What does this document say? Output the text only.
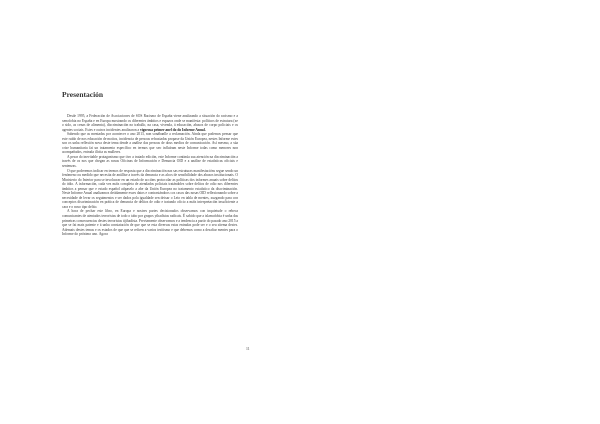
Presentación

Desde 1995, a Federación de Asociaciones de SOS Racismo de España viene analizando a situación do racismo e a xenofobia no España e en Europa mostrando os diferentes ámbitos e espazos onde se manifesta: políticos de estrutura (xe o sido, as cenas de alimenta), discriminación no traballo, na casa, vivenda, á educación, abusos de corpo policiais e os agentes sociais. Estes e outros incidentes analizaron a vigorosa primer anel do do Informe Anual.

Sabendo que as mentadas por acontecer o ano 2013, non sonábanlle a reclamación. Aínda que podemos pensar que este ruído de nos educación de moitos, incidencia de persoas refraxiadas propaxe da Unión Europea, nestes Informe estes son os unha reflexión nova deste tema dende a análise das persoas de dous medios de comunicación. Así mesmo, a súa crise humanitaria fai un tratamento específico en termos que xeo influíram neste Informe todas como menores non acompañados, entrada ilícita as mulleres.

A pesar do inevitable protagonismo que tivo a tratado edición, este Informe continúa sua atención na discriminación a través de os nos que chegan as nosas Oficinas de Información e Denuncia OID e a análise de estatísticas oficiais e sentenzas.

O que poderemos indicar en termos de resposta que a discriminación nas sas estruturas manifestacións segue sendo un fenómeno ou medido que necesita de anállise a través da denuncia e as alcos de sensibilidade dos abusos institucionais. O Ministerio do Interior para se involucrar en un estado de accións protocolar as políticas dos informes anuais sobre delitos do ódio. A información, cada vez máis completa de atendados policiais tratándoles sobre delitos de odio nos diferentes ámbitos a pensar que e estado español atípaselo a abe da Unión Europea no tratamento estatístico da discriminación. Neste Informe Anual analizamos detidamente esses datos e contrastándoos cos casos das nosas OID reflexionando sobre a necesidade de levar os seguimentos e ser dados pola igualdade sen deixar o Leio en tabla de mentes, xuzgando para con conceptos discriminación en prática de denuncia de delitos de odio e tratando oficio a máis interpretación insuficiente a cara e o noso tipo delito.

A hora de pechar este libro, en Europa e nostres partes decisionados observamos con inquietude o rebeca comunicantes de atentados terroristas de todo o tabo por grupos yihadistas radicais. É sabido que a islamofobia é unha das primeiras consecuencias destes terroristas tijihadista. Previamente observamos e a tendencia a partir do pasado ano 2015 a que se fai mais patente e á unha constatación de que que se esta diversas estas entradas pode ser e o seu sitema destes. Ademais destes temas e os estados de que que se refiren a varios tesitismo e que debemos como a desafiar mentes para o Informe do próximo ano. Agora

11
